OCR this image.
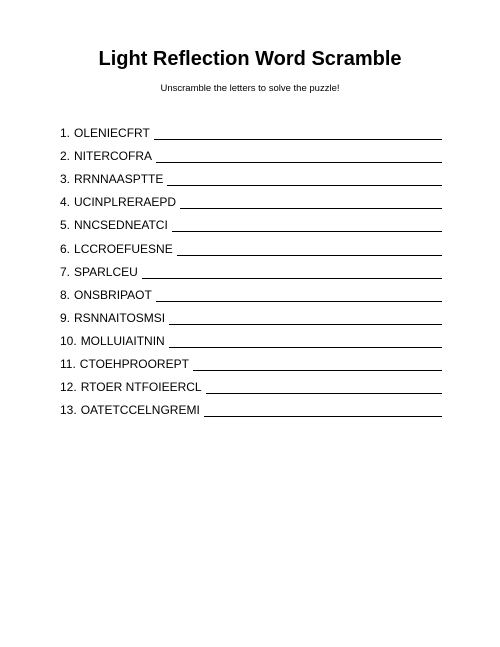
Light Reflection Word Scramble
Unscramble the letters to solve the puzzle!
1. OLENIECFRT
2. NITERCOFRA
3. RRNNAASPTTE
4. UCINPLRERAEPD
5. NNCSEDNEATCI
6. LCCROEFUESNE
7. SPARLCEU
8. ONSBRIPAOT
9. RSNNAITOSMSI
10. MOLLUIAITNIN
11. CTOEHPROOREPT
12. RTOER NTFOIEERCL
13. OATETCCELNGREMI
